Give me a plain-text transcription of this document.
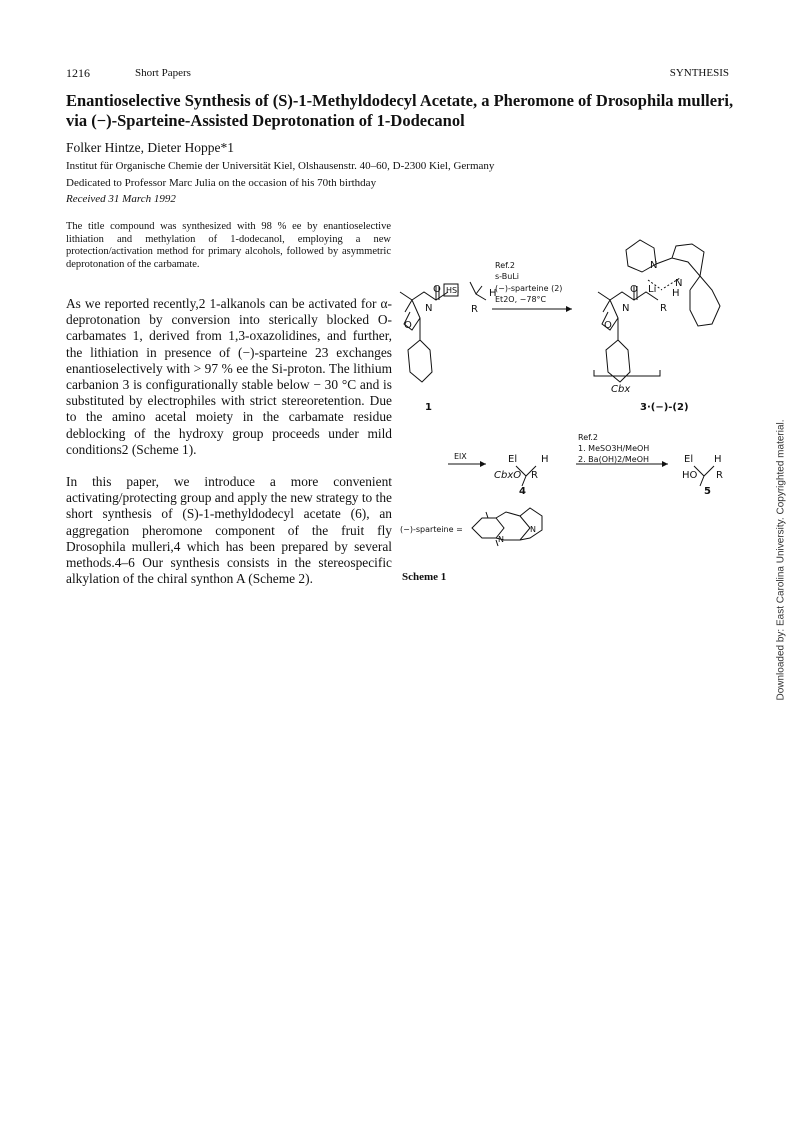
1216	Short Papers	SYNTHESIS
Enantioselective Synthesis of (S)-1-Methyldodecyl Acetate, a Pheromone of Drosophila mulleri, via (−)-Sparteine-Assisted Deprotonation of 1-Dodecanol
Folker Hintze, Dieter Hoppe*1
Institut für Organische Chemie der Universität Kiel, Olshausenstr. 40–60, D-2300 Kiel, Germany
Dedicated to Professor Marc Julia on the occasion of his 70th birthday
Received 31 March 1992
The title compound was synthesized with 98 % ee by enantioselective lithiation and methylation of 1-dodecanol, employing a new protection/activation method for primary alcohols, followed by asymmetric deprotonation of the carbamate.
As we reported recently,2 1-alkanols can be activated for α-deprotonation by conversion into sterically blocked O-carbamates 1, derived from 1,3-oxazolidines, and further, the lithiation in presence of (−)-sparteine 23 exchanges enantioselectively with > 97 % ee the Si-proton. The lithium carbanion 3 is configurationally stable below − 30 °C and is substituted by electrophiles with strict stereoretention. Due to the amino acetal moiety in the carbamate residue deblocking of the hydroxy group proceeds under mild conditions2 (Scheme 1).
In this paper, we introduce a more convenient activating/protecting group and apply the new strategy to the short synthesis of (S)-1-methyldodecyl acetate (6), an aggregation pheromone component of the fruit fly Drosophila mulleri,4 which has been prepared by several methods.4–6 Our synthesis consists in the stereospecific alkylation of the chiral synthon A (Scheme 2).
O HSi	H
N	R
O
1
Ref.2
s-BuLi
(−)-sparteine (2)
Et2O, −78°C
O Li H
N
N
N	R
O
Cbx
3·(−)-(2)
ElX	El H
CbxO R
4
Ref.2
1. MeSO3H/MeOH
2. Ba(OH)2/MeOH	El H
HO R
5
(−)-sparteine =	N
N
Scheme 1	Downloaded by: East Carolina University. Copyrighted material.
